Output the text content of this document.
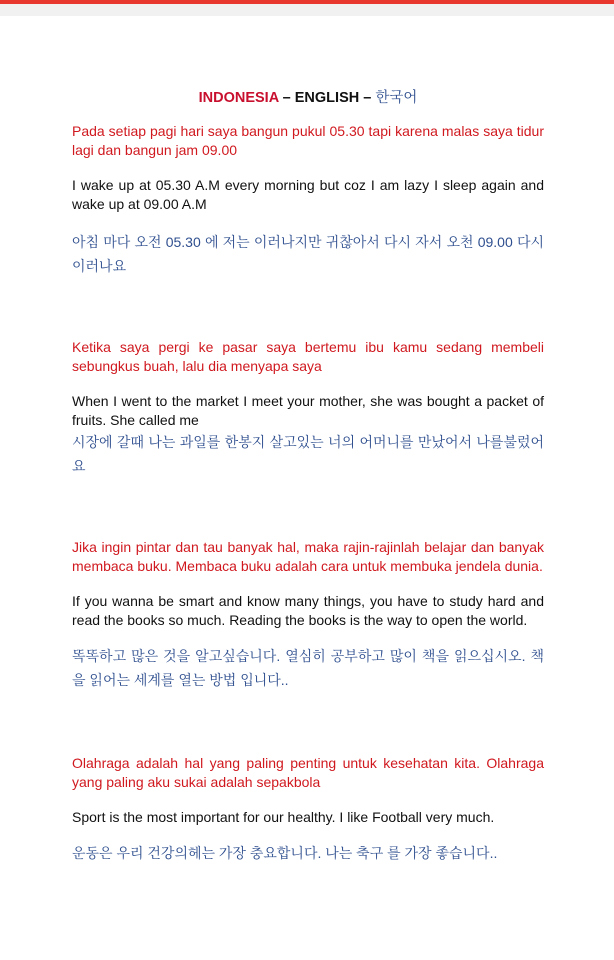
INDONESIA – ENGLISH – 한국어

Pada setiap pagi hari saya bangun pukul 05.30 tapi karena malas saya tidur lagi dan bangun jam 09.00

I wake up at 05.30 A.M every morning but coz I am lazy I sleep again and wake up at 09.00 A.M

아침 마다 오전 05.30 에 저는 이러나지만 귀찮아서 다시 자서 오천 09.00 다시 이러나요

Ketika saya pergi ke pasar saya bertemu ibu kamu sedang membeli sebungkus buah, lalu dia menyapa saya

When I went to the market I meet your mother, she was bought a packet of fruits. She called me

시장에 갈때 나는 과일를 한봉지 살고있는 너의 어머니를 만났어서 나를불렀어요

Jika ingin pintar dan tau banyak hal, maka rajin-rajinlah belajar dan banyak membaca buku. Membaca buku adalah cara untuk membuka jendela dunia.

If you wanna be smart and know many things, you have to study hard and read the books so much. Reading the books is the way to open the world.

똑똑하고 많은 것을 알고싶습니다. 열심히 공부하고 많이 책을 읽으십시오. 책을 읽어는 세계를 열는 방법 입니다..

Olahraga adalah hal yang paling penting untuk kesehatan kita. Olahraga yang paling aku sukai adalah sepakbola

Sport is the most important for our healthy. I like Football very much.

운동은 우리 건강의헤는 가장 충요합니다. 나는 축구 를 가장 좋습니다..
